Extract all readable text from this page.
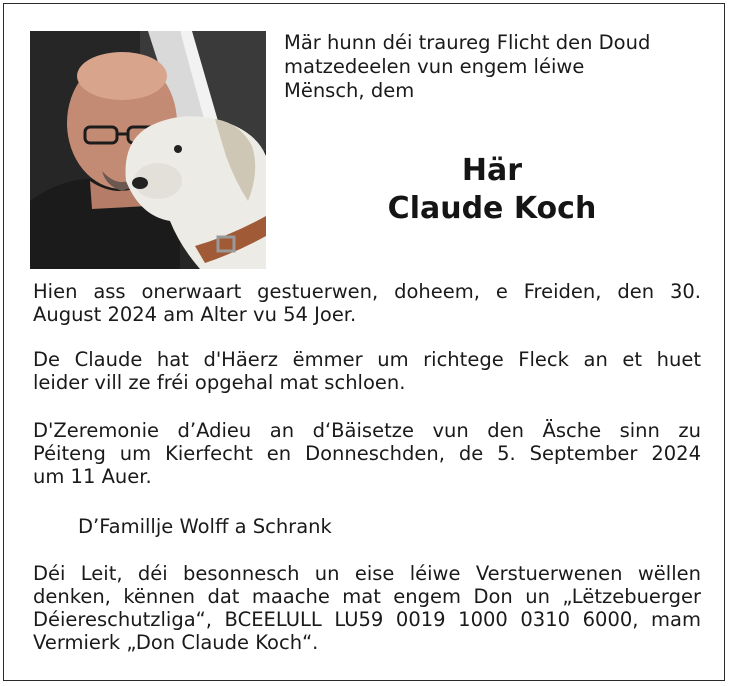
Mär hunn déi traureg Flicht den Doud
matzedeelen vun engem léiwe
Mënsch, dem
Här
Claude Koch
Hien ass onerwaart gestuerwen, doheem, e Freiden, den 30.
August 2024 am Alter vu 54 Joer.
De Claude hat d'Häerz ëmmer um richtege Fleck an et huet
leider vill ze fréi opgehal mat schloen.
D'Zeremonie d’Adieu an d‘Bäisetze vun den Äsche sinn zu
Péiteng um Kierfecht en Donneschden, de 5. September 2024
um 11 Auer.
D’Famillje Wolff a Schrank
Déi Leit, déi besonnesch un eise léiwe Verstuerwenen wëllen
denken, kënnen dat maache mat engem Don un „Lëtzebuerger
Déiereschutzliga“, BCEELULL LU59 0019 1000 0310 6000, mam
Vermierk „Don Claude Koch“.
